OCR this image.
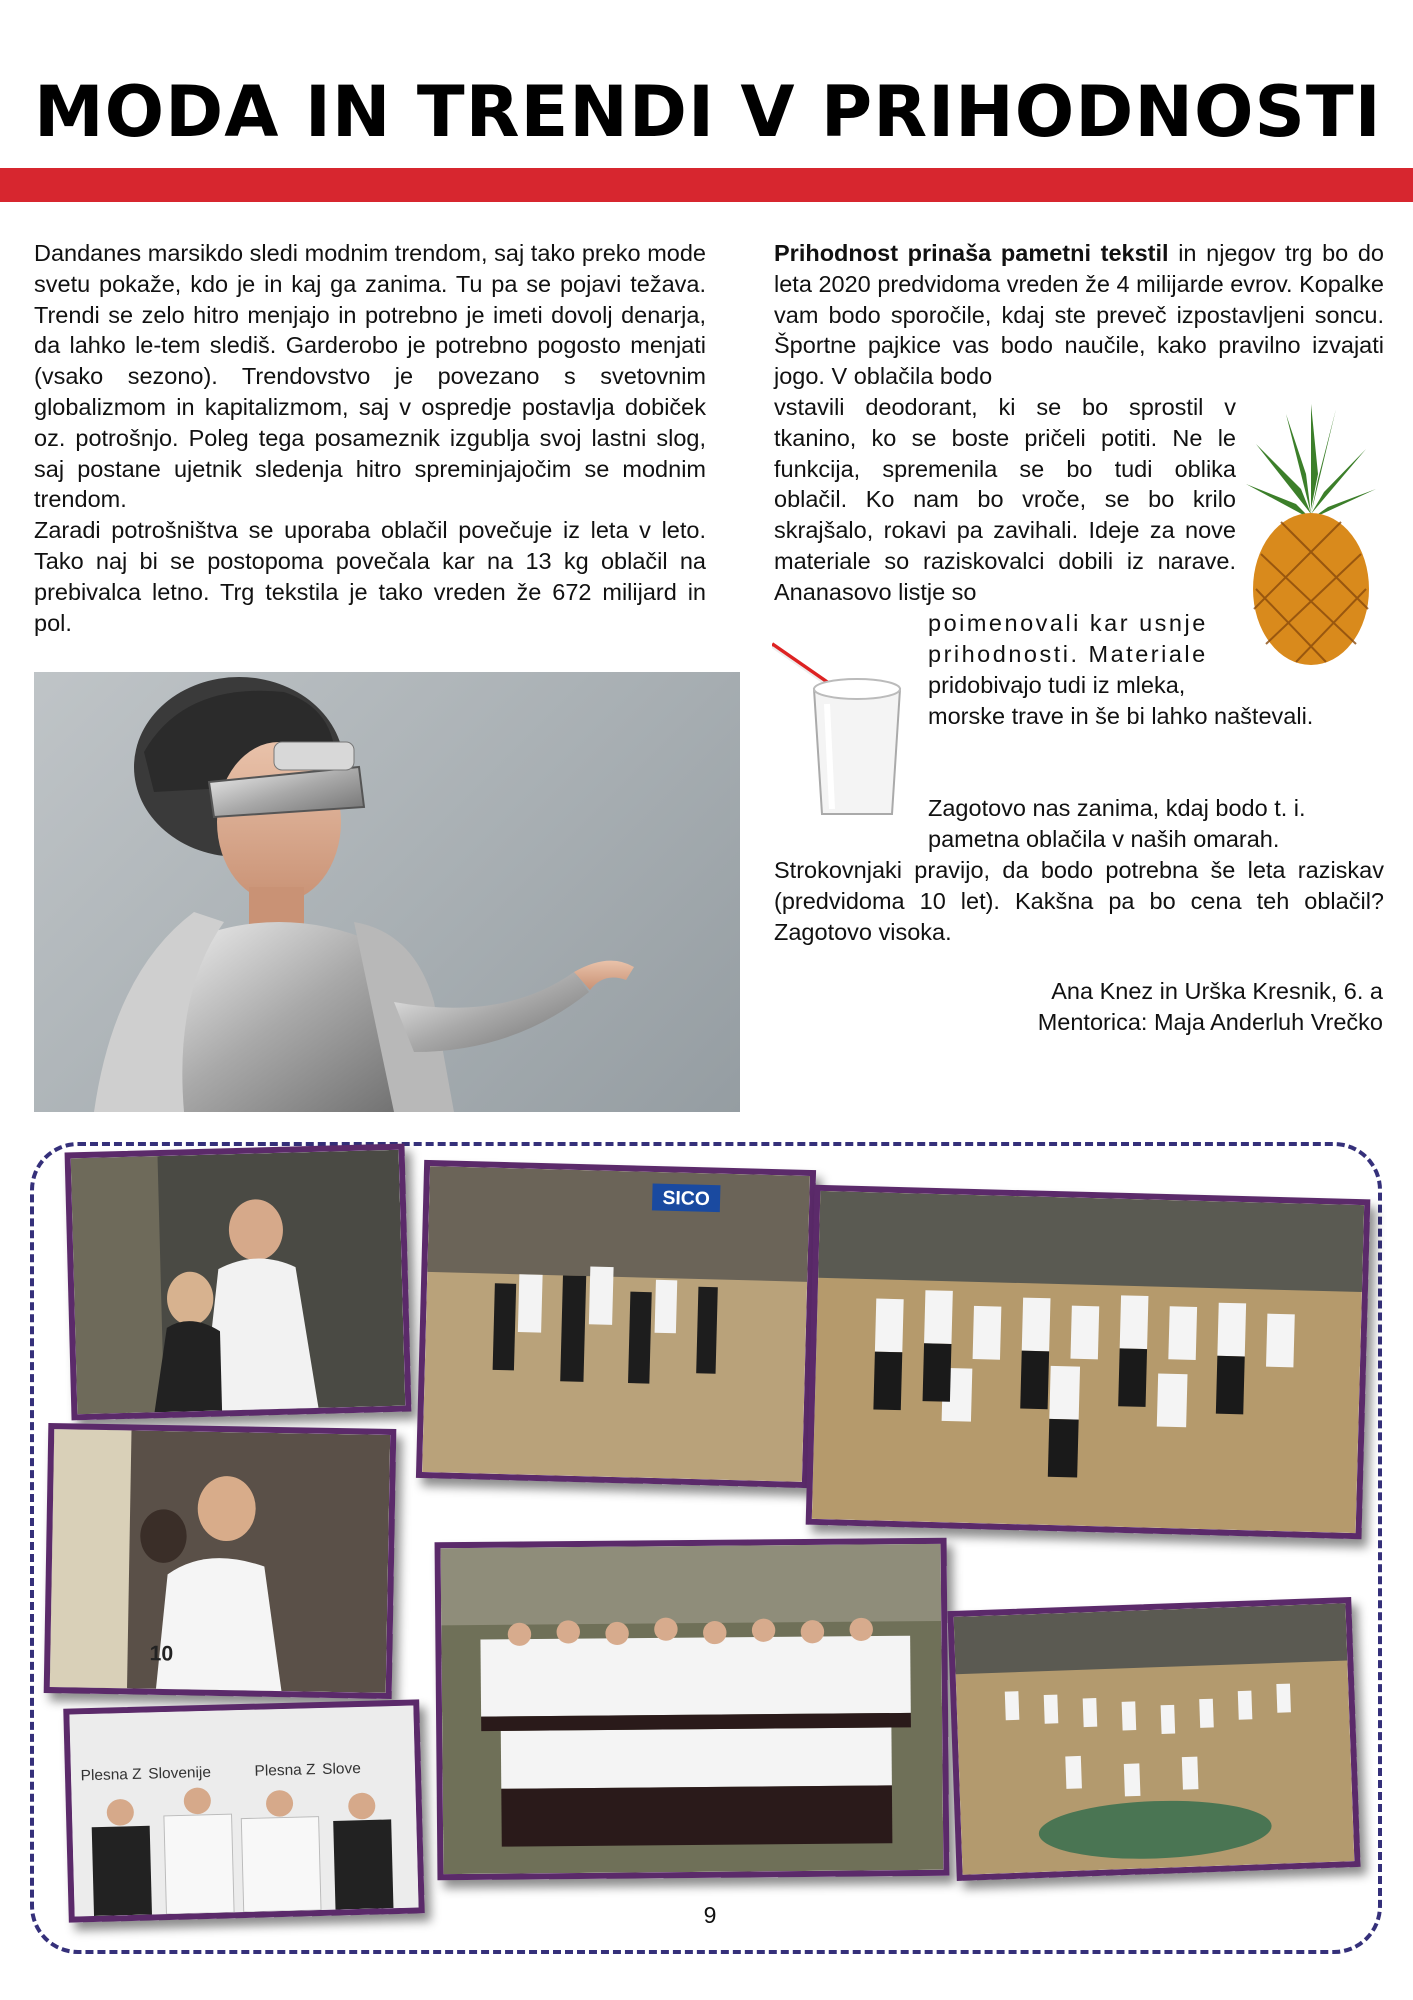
MODA IN TRENDI V PRIHODNOSTI

Dandanes marsikdo sledi modnim trendom, saj tako preko mode svetu pokaže, kdo je in kaj ga zanima. Tu pa se pojavi težava. Trendi se zelo hitro menjajo in potrebno je imeti dovolj denarja, da lahko le-tem slediš. Garderobo je potrebno pogosto menjati (vsako sezono). Trendovstvo je povezano s svetovnim globalizmom in kapitalizmom, saj v ospredje postavlja dobiček oz. potrošnjo. Poleg tega posameznik izgublja svoj lastni slog, saj postane ujetnik sledenja hitro spreminjajočim se modnim trendom.

Zaradi potrošništva se uporaba oblačil povečuje iz leta v leto. Tako naj bi se postopoma povečala kar na 13 kg oblačil na prebivalca letno. Trg tekstila je tako vreden že 672 milijard in pol.

Prihodnost prinaša pametni tekstil in njegov trg bo do leta 2020 predvidoma vreden že 4 milijarde evrov. Kopalke vam bodo sporočile, kdaj ste preveč izpostavljeni soncu. Športne pajkice vas bodo naučile, kako pravilno izvajati jogo. V oblačila bodo

vstavili deodorant, ki se bo sprostil v tkanino, ko se boste pričeli potiti. Ne le funkcija, spremenila se bo tudi oblika oblačil. Ko nam bo vroče, se bo krilo skrajšalo, rokavi pa zavihali. Ideje za nove materiale so raziskovalci dobili iz narave. Ananasovo listje so

poimenovali kar usnje
prihodnosti. Materiale
pridobivajo tudi iz mleka,
morske trave in še bi lahko naštevali.
Zagotovo nas zanima, kdaj bodo t. i.
pametna oblačila v naših omarah.

Strokovnjaki pravijo, da bodo potrebna še leta raziskav (predvidoma 10 let). Kakšna pa bo cena teh oblačil? Zagotovo visoka.

Ana Knez in Urška Kresnik, 6. a
Mentorica: Maja Anderluh Vrečko
SICO
10
Plesna Z Slovenije	Plesna Z Slove
9
